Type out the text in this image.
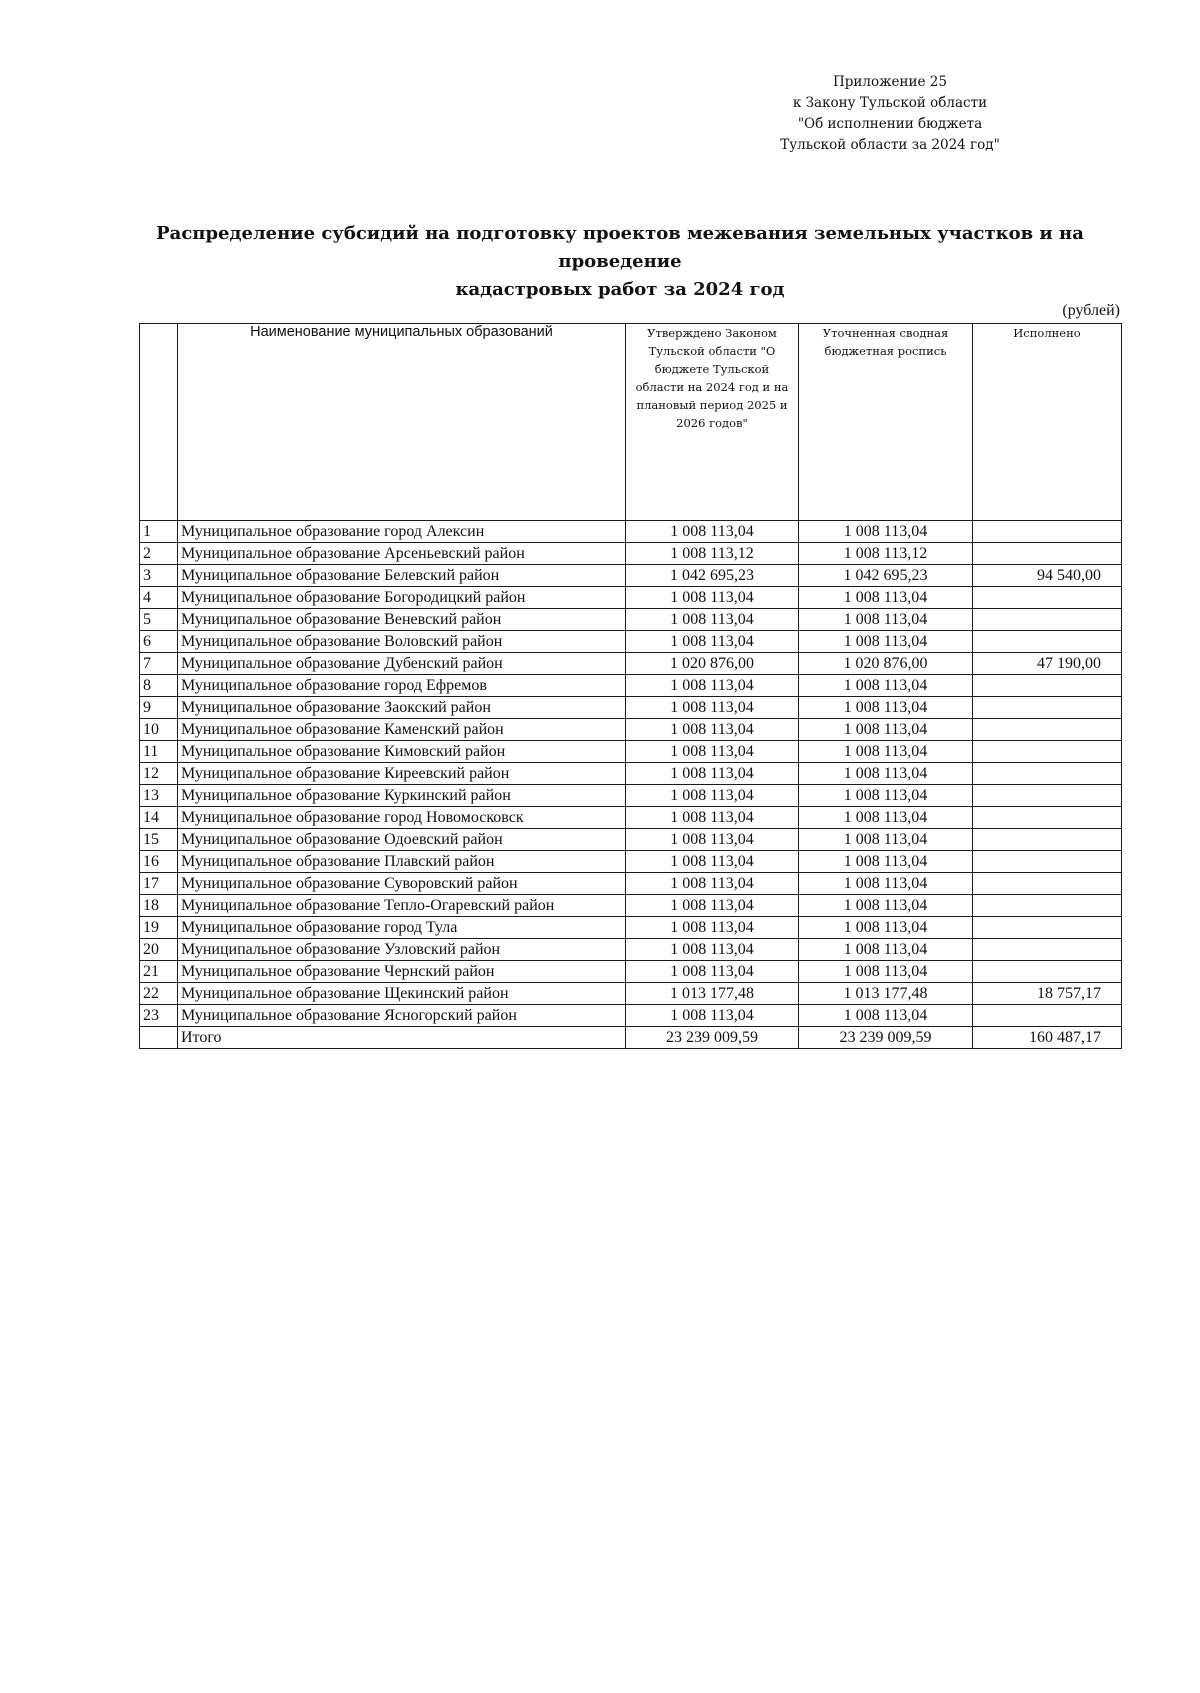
Приложение 25
к Закону Тульской области
"Об исполнении бюджета
Тульской области за 2024 год"
Распределение субсидий на подготовку проектов межевания земельных участков и на проведение
кадастровых работ за 2024 год
(рублей)
	Наименование муниципальных образований	Утверждено Законом Тульской области "О бюджете Тульской области на 2024 год и на плановый период 2025 и 2026 годов"	Уточненная сводная бюджетная роспись	Исполнено
1	Муниципальное образование город Алексин	1 008 113,04	1 008 113,04	
2	Муниципальное образование Арсеньевский район	1 008 113,12	1 008 113,12	
3	Муниципальное образование Белевский район	1 042 695,23	1 042 695,23	94 540,00
4	Муниципальное образование Богородицкий район	1 008 113,04	1 008 113,04	
5	Муниципальное образование Веневский район	1 008 113,04	1 008 113,04	
6	Муниципальное образование Воловский район	1 008 113,04	1 008 113,04	
7	Муниципальное образование Дубенский район	1 020 876,00	1 020 876,00	47 190,00
8	Муниципальное образование город Ефремов	1 008 113,04	1 008 113,04	
9	Муниципальное образование Заокский район	1 008 113,04	1 008 113,04	
10	Муниципальное образование Каменский район	1 008 113,04	1 008 113,04	
11	Муниципальное образование Кимовский район	1 008 113,04	1 008 113,04	
12	Муниципальное образование Киреевский район	1 008 113,04	1 008 113,04	
13	Муниципальное образование Куркинский район	1 008 113,04	1 008 113,04	
14	Муниципальное образование город Новомосковск	1 008 113,04	1 008 113,04	
15	Муниципальное образование Одоевский район	1 008 113,04	1 008 113,04	
16	Муниципальное образование Плавский район	1 008 113,04	1 008 113,04	
17	Муниципальное образование Суворовский район	1 008 113,04	1 008 113,04	
18	Муниципальное образование Тепло-Огаревский район	1 008 113,04	1 008 113,04	
19	Муниципальное образование город Тула	1 008 113,04	1 008 113,04	
20	Муниципальное образование Узловский район	1 008 113,04	1 008 113,04	
21	Муниципальное образование Чернский район	1 008 113,04	1 008 113,04	
22	Муниципальное образование Щекинский район	1 013 177,48	1 013 177,48	18 757,17
23	Муниципальное образование Ясногорский район	1 008 113,04	1 008 113,04	
	Итого	23 239 009,59	23 239 009,59	160 487,17
